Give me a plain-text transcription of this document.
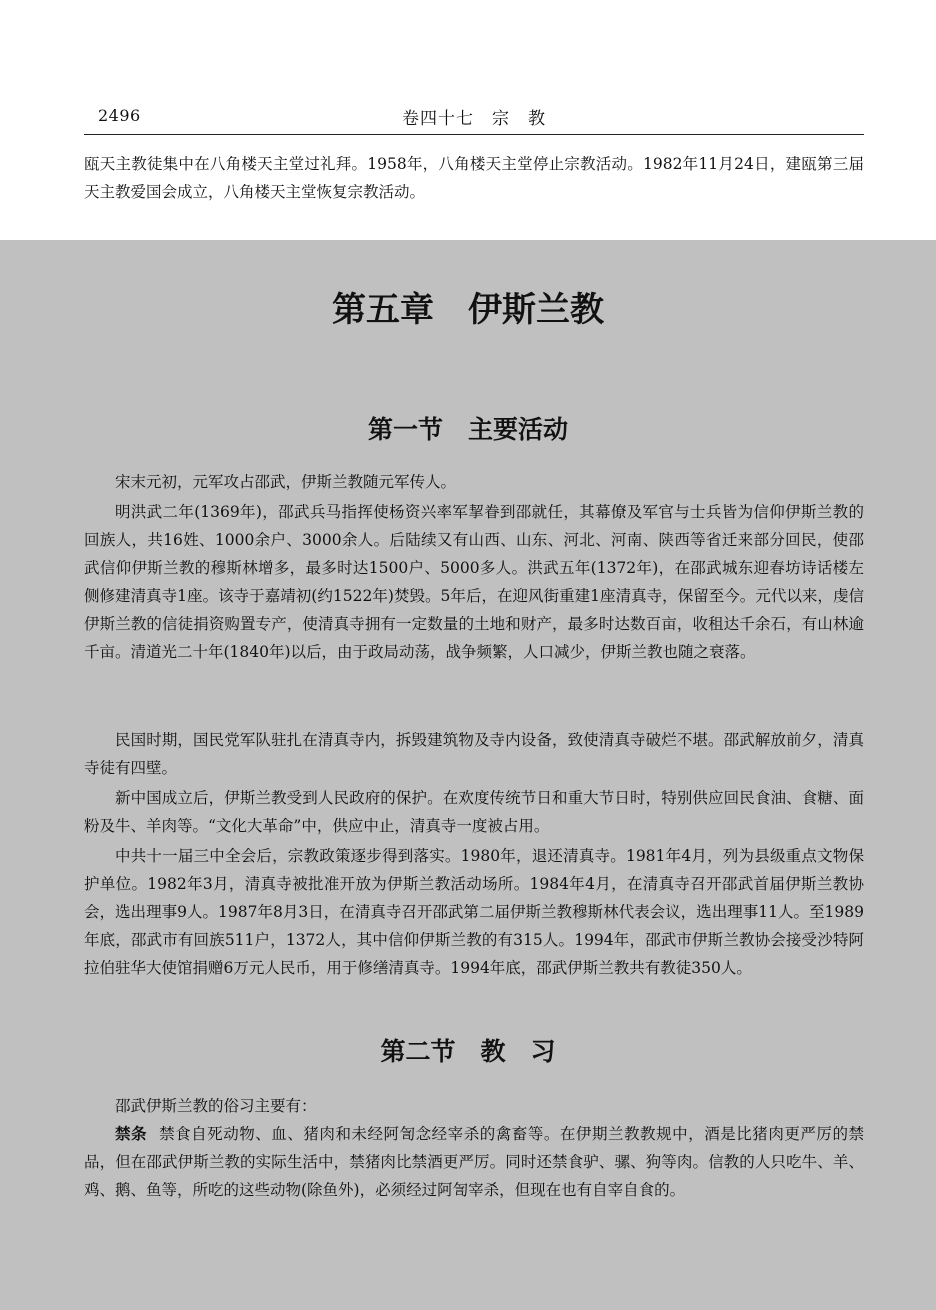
2496	卷四十七　宗　教

瓯天主教徒集中在八角楼天主堂过礼拜。1958年，八角楼天主堂停止宗教活动。1982年11月24日，建瓯第三届天主教爱国会成立，八角楼天主堂恢复宗教活动。

第五章　伊斯兰教
第一节　主要活动

宋末元初，元军攻占邵武，伊斯兰教随元军传人。

明洪武二年(1369年)，邵武兵马指挥使杨资兴率军挈眷到邵就任，其幕僚及军官与士兵皆为信仰伊斯兰教的回族人，共16姓、1000余户、3000余人。后陆续又有山西、山东、河北、河南、陕西等省迁来部分回民，使邵武信仰伊斯兰教的穆斯林增多，最多时达1500户、5000多人。洪武五年(1372年)，在邵武城东迎春坊诗话楼左侧修建清真寺1座。该寺于嘉靖初(约1522年)焚毁。5年后，在迎风街重建1座清真寺，保留至今。元代以来，虔信伊斯兰教的信徒捐资购置专产，使清真寺拥有一定数量的土地和财产，最多时达数百亩，收租达千余石，有山林逾千亩。清道光二十年(1840年)以后，由于政局动荡，战争频繁，人口减少，伊斯兰教也随之衰落。

民国时期，国民党军队驻扎在清真寺内，拆毁建筑物及寺内设备，致使清真寺破烂不堪。邵武解放前夕，清真寺徒有四壁。

新中国成立后，伊斯兰教受到人民政府的保护。在欢度传统节日和重大节日时，特别供应回民食油、食糖、面粉及牛、羊肉等。“文化大革命”中，供应中止，清真寺一度被占用。

中共十一届三中全会后，宗教政策逐步得到落实。1980年，退还清真寺。1981年4月，列为县级重点文物保护单位。1982年3月，清真寺被批准开放为伊斯兰教活动场所。1984年4月，在清真寺召开邵武首届伊斯兰教协会，选出理事9人。1987年8月3日，在清真寺召开邵武第二届伊斯兰教穆斯林代表会议，选出理事11人。至1989年底，邵武市有回族511户，1372人，其中信仰伊斯兰教的有315人。1994年，邵武市伊斯兰教协会接受沙特阿拉伯驻华大使馆捐赠6万元人民币，用于修缮清真寺。1994年底，邵武伊斯兰教共有教徒350人。

第二节　教　习

邵武伊斯兰教的俗习主要有：

禁条 禁食自死动物、血、猪肉和未经阿訇念经宰杀的禽畜等。在伊期兰教教规中，酒是比猪肉更严厉的禁品，但在邵武伊斯兰教的实际生活中，禁猪肉比禁酒更严厉。同时还禁食驴、骡、狗等肉。信教的人只吃牛、羊、鸡、鹅、鱼等，所吃的这些动物(除鱼外)，必须经过阿訇宰杀，但现在也有自宰自食的。
